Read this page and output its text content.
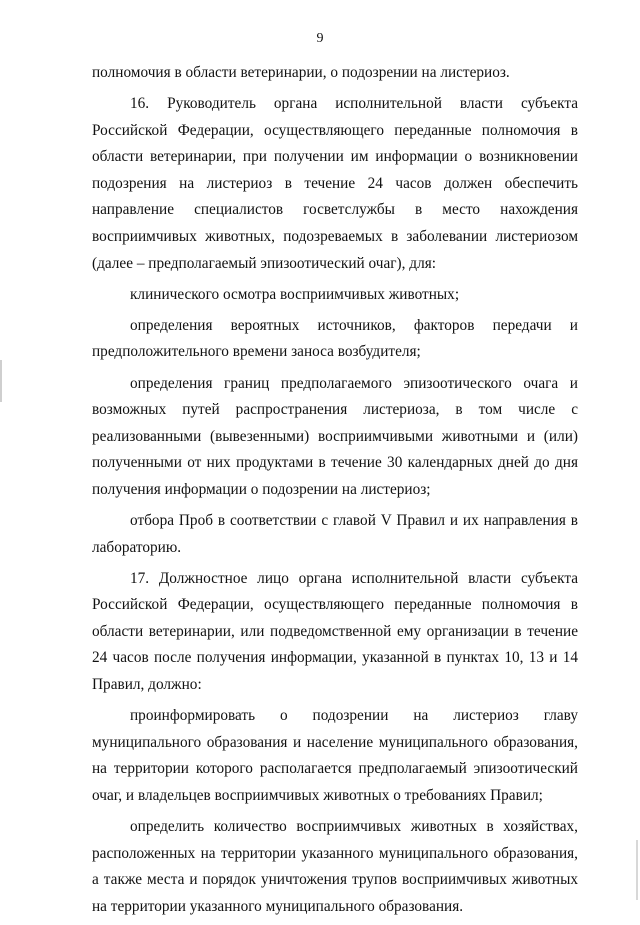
9

полномочия в области ветеринарии, о подозрении на листериоз.

16. Руководитель органа исполнительной власти субъекта Российской Федерации, осуществляющего переданные полномочия в области ветеринарии, при получении им информации о возникновении подозрения на листериоз в течение 24 часов должен обеспечить направление специалистов госветслужбы в место нахождения восприимчивых животных, подозреваемых в заболевании листериозом (далее – предполагаемый эпизоотический очаг), для:

клинического осмотра восприимчивых животных;

определения вероятных источников, факторов передачи и предположительного времени заноса возбудителя;

определения границ предполагаемого эпизоотического очага и возможных путей распространения листериоза, в том числе с реализованными (вывезенными) восприимчивыми животными и (или) полученными от них продуктами в течение 30 календарных дней до дня получения информации о подозрении на листериоз;

отбора Проб в соответствии с главой V Правил и их направления в лабораторию.

17. Должностное лицо органа исполнительной власти субъекта Российской Федерации, осуществляющего переданные полномочия в области ветеринарии, или подведомственной ему организации в течение 24 часов после получения информации, указанной в пунктах 10, 13 и 14 Правил, должно:

проинформировать о подозрении на листериоз главу муниципального образования и население муниципального образования, на территории которого располагается предполагаемый эпизоотический очаг, и владельцев восприимчивых животных о требованиях Правил;

определить количество восприимчивых животных в хозяйствах, расположенных на территории указанного муниципального образования, а также места и порядок уничтожения трупов восприимчивых животных на территории указанного муниципального образования.
